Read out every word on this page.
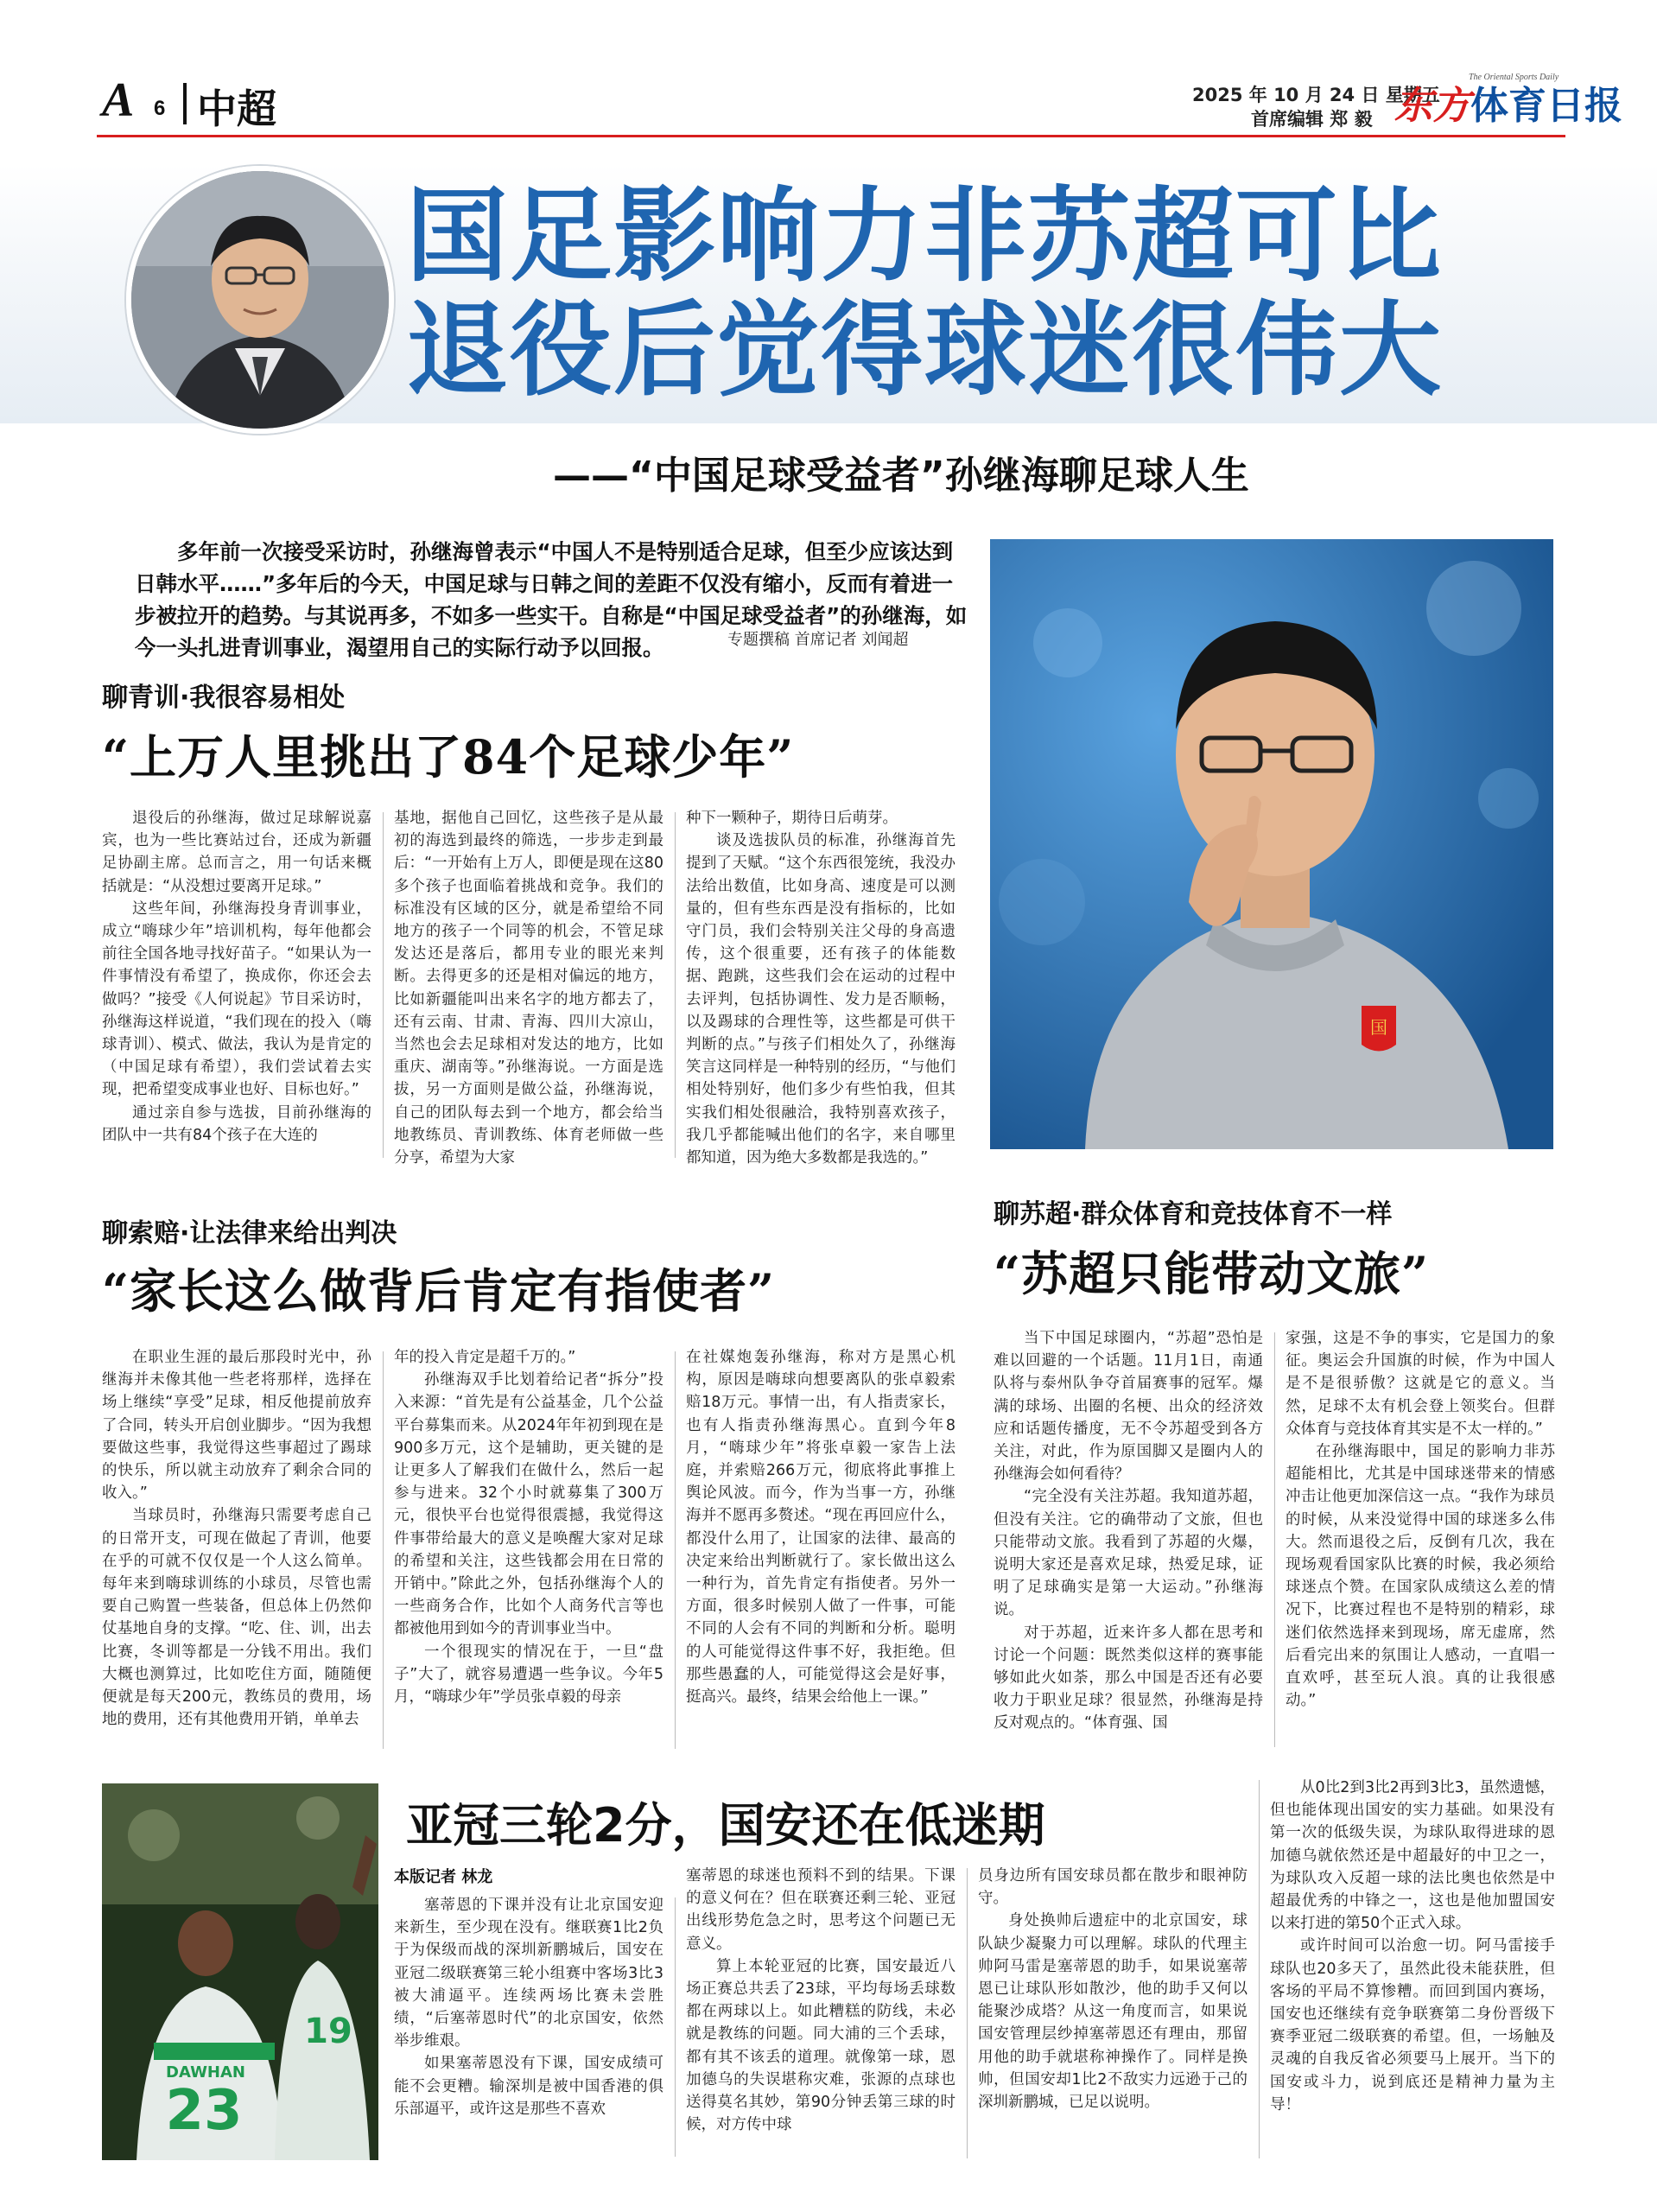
A 6 中超	2025 年 10 月 24 日 星期五
首席编辑 郑 毅
The Oriental Sports Daily
东方体育日报
国足影响力非苏超可比
退役后觉得球迷很伟大
——“中国足球受益者”孙继海聊足球人生

多年前一次接受采访时，孙继海曾表示“中国人不是特别适合足球，但至少应该达到

日韩水平……”多年后的今天，中国足球与日韩之间的差距不仅没有缩小，反而有着进一

步被拉开的趋势。与其说再多，不如多一些实干。自称是“中国足球受益者”的孙继海，如

今一头扎进青训事业，渴望用自己的实际行动予以回报。	专题撰稿 首席记者 刘闻超
国
聊青训·我很容易相处
“上万人里挑出了84个足球少年”

退役后的孙继海，做过足球解说嘉宾，也为一些比赛站过台，还成为新疆足协副主席。总而言之，用一句话来概括就是：“从没想过要离开足球。”

这些年间，孙继海投身青训事业，成立“嗨球少年”培训机构，每年他都会前往全国各地寻找好苗子。“如果认为一件事情没有希望了，换成你，你还会去做吗？”接受《人何说起》节目采访时，孙继海这样说道，“我们现在的投入（嗨球青训）、模式、做法，我认为是肯定的（中国足球有希望），我们尝试着去实现，把希望变成事业也好、目标也好。”

通过亲自参与选拔，目前孙继海的团队中一共有84个孩子在大连的

基地，据他自己回忆，这些孩子是从最初的海选到最终的筛选，一步步走到最后：“一开始有上万人，即便是现在这80多个孩子也面临着挑战和竞争。我们的标准没有区域的区分，就是希望给不同地方的孩子一个同等的机会，不管足球发达还是落后，都用专业的眼光来判断。去得更多的还是相对偏远的地方，比如新疆能叫出来名字的地方都去了，还有云南、甘肃、青海、四川大凉山，当然也会去足球相对发达的地方，比如重庆、湖南等。”孙继海说。一方面是选拔，另一方面则是做公益，孙继海说，自己的团队每去到一个地方，都会给当地教练员、青训教练、体育老师做一些分享，希望为大家

种下一颗种子，期待日后萌芽。

谈及选拔队员的标准，孙继海首先提到了天赋。“这个东西很笼统，我没办法给出数值，比如身高、速度是可以测量的，但有些东西是没有指标的，比如守门员，我们会特别关注父母的身高遗传，这个很重要，还有孩子的体能数据、跑跳，这些我们会在运动的过程中去评判，包括协调性、发力是否顺畅，以及踢球的合理性等，这些都是可供干判断的点。”与孩子们相处久了，孙继海笑言这同样是一种特别的经历，“与他们相处特别好，他们多少有些怕我，但其实我们相处很融洽，我特别喜欢孩子，我几乎都能喊出他们的名字，来自哪里都知道，因为绝大多数都是我选的。”

聊索赔·让法律来给出判决
“家长这么做背后肯定有指使者”

在职业生涯的最后那段时光中，孙继海并未像其他一些老将那样，选择在场上继续“享受”足球，相反他提前放弃了合同，转头开启创业脚步。“因为我想要做这些事，我觉得这些事超过了踢球的快乐，所以就主动放弃了剩余合同的收入。”

当球员时，孙继海只需要考虑自己的日常开支，可现在做起了青训，他要在乎的可就不仅仅是一个人这么简单。每年来到嗨球训练的小球员，尽管也需要自己购置一些装备，但总体上仍然仰仗基地自身的支撑。“吃、住、训，出去比赛，冬训等都是一分钱不用出。我们大概也测算过，比如吃住方面，随随便便就是每天200元，教练员的费用，场地的费用，还有其他费用开销，单单去

年的投入肯定是超千万的。”

孙继海双手比划着给记者“拆分”投入来源：“首先是有公益基金，几个公益平台募集而来。从2024年年初到现在是900多万元，这个是辅助，更关键的是让更多人了解我们在做什么，然后一起参与进来。32个小时就募集了300万元，很快平台也觉得很震撼，我觉得这件事带给最大的意义是唤醒大家对足球的希望和关注，这些钱都会用在日常的开销中。”除此之外，包括孙继海个人的一些商务合作，比如个人商务代言等也都被他用到如今的青训事业当中。

一个很现实的情况在于，一旦“盘子”大了，就容易遭遇一些争议。今年5月，“嗨球少年”学员张卓毅的母亲

在社媒炮轰孙继海，称对方是黑心机构，原因是嗨球向想要离队的张卓毅索赔18万元。事情一出，有人指责家长，也有人指责孙继海黑心。直到今年8月，“嗨球少年”将张卓毅一家告上法庭，并索赔266万元，彻底将此事推上舆论风波。而今，作为当事一方，孙继海并不愿再多赘述。“现在再回应什么，都没什么用了，让国家的法律、最高的决定来给出判断就行了。家长做出这么一种行为，首先肯定有指使者。另外一方面，很多时候别人做了一件事，可能不同的人会有不同的判断和分析。聪明的人可能觉得这件事不好，我拒绝。但那些愚蠢的人，可能觉得这会是好事，挺高兴。最终，结果会给他上一课。”

聊苏超·群众体育和竞技体育不一样
“苏超只能带动文旅”

当下中国足球圈内，“苏超”恐怕是难以回避的一个话题。11月1日，南通队将与泰州队争夺首届赛事的冠军。爆满的球场、出圈的名梗、出众的经济效应和话题传播度，无不令苏超受到各方关注，对此，作为原国脚又是圈内人的孙继海会如何看待？

“完全没有关注苏超。我知道苏超，但没有关注。它的确带动了文旅，但也只能带动文旅。我看到了苏超的火爆，说明大家还是喜欢足球，热爱足球，证明了足球确实是第一大运动。”孙继海说。

对于苏超，近来许多人都在思考和讨论一个问题：既然类似这样的赛事能够如此火如荼，那么中国是否还有必要收力于职业足球？很显然，孙继海是持反对观点的。“体育强、国

家强，这是不争的事实，它是国力的象征。奥运会升国旗的时候，作为中国人是不是很骄傲？这就是它的意义。当然，足球不太有机会登上领奖台。但群众体育与竞技体育其实是不太一样的。”

在孙继海眼中，国足的影响力非苏超能相比，尤其是中国球迷带来的情感冲击让他更加深信这一点。“我作为球员的时候，从来没觉得中国的球迷多么伟大。然而退役之后，反倒有几次，我在现场观看国家队比赛的时候，我必须给球迷点个赞。在国家队成绩这么差的情况下，比赛过程也不是特别的精彩，球迷们依然选择来到现场，席无虚席，然后看完出来的氛围让人感动，一直唱一直欢呼，甚至玩人浪。真的让我很感动。”

DAWHAN
23
19
亚冠三轮2分，国安还在低迷期
本版记者 林龙

塞蒂恩的下课并没有让北京国安迎来新生，至少现在没有。继联赛1比2负于为保级而战的深圳新鹏城后，国安在亚冠二级联赛第三轮小组赛中客场3比3被大浦逼平。连续两场比赛未尝胜绩，“后塞蒂恩时代”的北京国安，依然举步维艰。

如果塞蒂恩没有下课，国安成绩可能不会更糟。输深圳是被中国香港的俱乐部逼平，或许这是那些不喜欢

塞蒂恩的球迷也预料不到的结果。下课的意义何在？但在联赛还剩三轮、亚冠出线形势危急之时，思考这个问题已无意义。

算上本轮亚冠的比赛，国安最近八场正赛总共丢了23球，平均每场丢球数都在两球以上。如此糟糕的防线，未必就是教练的问题。同大浦的三个丢球，都有其不该丢的道理。就像第一球，恩加德乌的失误堪称灾难，张源的点球也送得莫名其妙，第90分钟丢第三球的时候，对方传中球

员身边所有国安球员都在散步和眼神防守。

身处换帅后遗症中的北京国安，球队缺少凝聚力可以理解。球队的代理主帅阿马雷是塞蒂恩的助手，如果说塞蒂恩已让球队形如散沙，他的助手又何以能聚沙成塔？从这一角度而言，如果说国安管理层纱掉塞蒂恩还有理由，那留用他的助手就堪称神操作了。同样是换帅，但国安却1比2不敌实力远逊于己的深圳新鹏城，已足以说明。

从0比2到3比2再到3比3，虽然遗憾，但也能体现出国安的实力基础。如果没有第一次的低级失误，为球队取得进球的恩加德乌就依然还是中超最好的中卫之一，为球队攻入反超一球的法比奥也依然是中超最优秀的中锋之一，这也是他加盟国安以来打进的第50个正式入球。

或许时间可以治愈一切。阿马雷接手球队也20多天了，虽然此役未能获胜，但客场的平局不算惨糟。而回到国内赛场，国安也还继续有竞争联赛第二身份晋级下赛季亚冠二级联赛的希望。但，一场触及灵魂的自我反省必须要马上展开。当下的国安或斗力，说到底还是精神力量为主导！
